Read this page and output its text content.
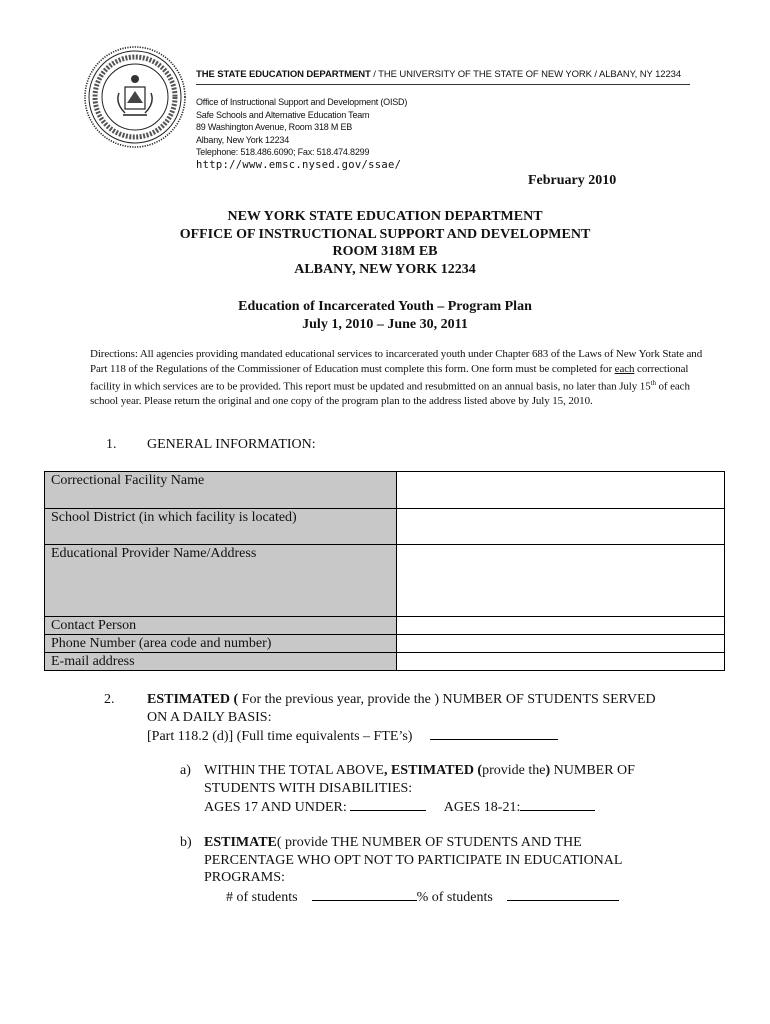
THE STATE EDUCATION DEPARTMENT / THE UNIVERSITY OF THE STATE OF NEW YORK / ALBANY, NY 12234
Office of Instructional Support and Development (OISD)
Safe Schools and Alternative Education Team
89 Washington Avenue, Room 318 M EB
Albany, New York 12234
Telephone: 518.486.6090; Fax: 518.474.8299
http://www.emsc.nysed.gov/ssae/
February 2010
NEW YORK STATE EDUCATION DEPARTMENT
OFFICE OF INSTRUCTIONAL SUPPORT AND DEVELOPMENT
ROOM 318M EB
ALBANY, NEW YORK 12234
Education of Incarcerated Youth – Program Plan
July 1, 2010 – June 30, 2011
Directions: All agencies providing mandated educational services to incarcerated youth under Chapter 683 of the Laws of New York State and Part 118 of the Regulations of the Commissioner of Education must complete this form. One form must be completed for each correctional facility in which services are to be provided. This report must be updated and resubmitted on an annual basis, no later than July 15th of each school year. Please return the original and one copy of the program plan to the address listed above by July 15, 2010.
1. GENERAL INFORMATION:
Correctional Facility Name	
School District (in which facility is located)	
Educational Provider Name/Address	
Contact Person	
Phone Number (area code and number)	
E-mail address	
2. ESTIMATED ( For the previous year, provide the ) NUMBER OF STUDENTS SERVED
ON A DAILY BASIS:
[Part 118.2 (d)] (Full time equivalents – FTE’s)
a) WITHIN THE TOTAL ABOVE, ESTIMATED (provide the) NUMBER OF
STUDENTS WITH DISABILITIES:
AGES 17 AND UNDER:	AGES 18-21:
b) ESTIMATE( provide THE NUMBER OF STUDENTS AND THE
PERCENTAGE WHO OPT NOT TO PARTICIPATE IN EDUCATIONAL
PROGRAMS:
# of students	% of students
